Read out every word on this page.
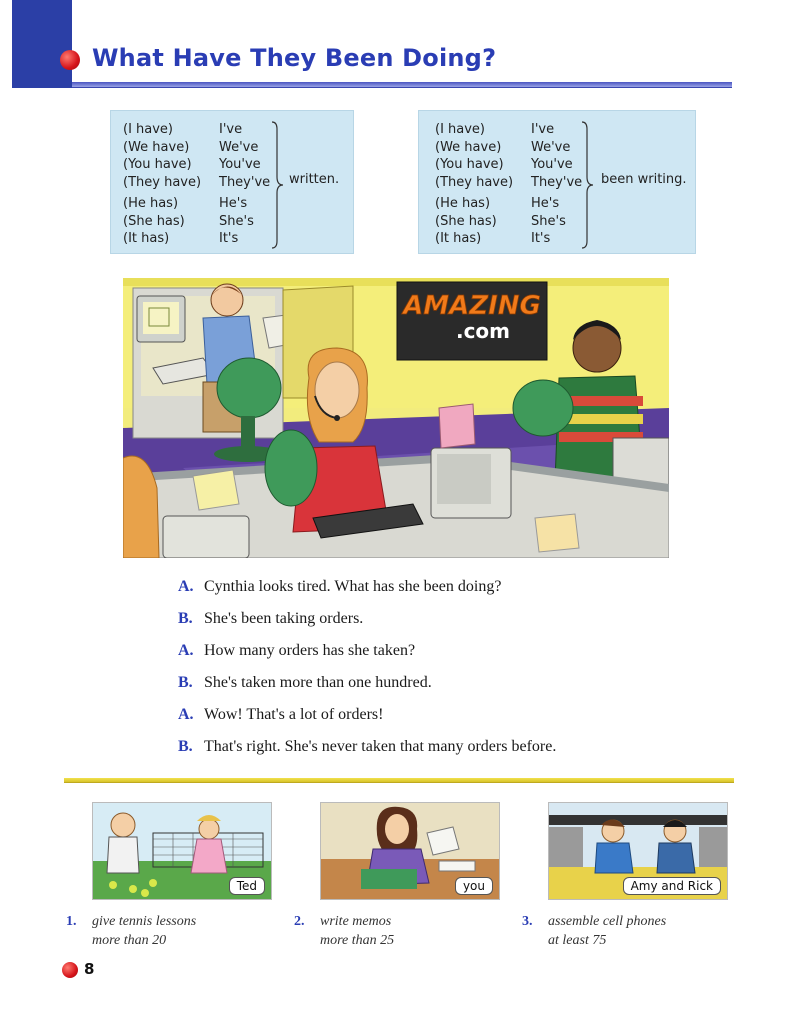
What Have They Been Doing?
(I have)
(We have)
(You have)
(They have)
(He has)
(She has)
(It has)
I've
We've
You've
They've
He's
She's
It's
written.
(I have)
(We have)
(You have)
(They have)
(He has)
(She has)
(It has)
I've
We've
You've
They've
He's
She's
It's
been writing.
AMAZING
.com
A. Cynthia looks tired. What has she been doing?
B. She's been taking orders.
A. How many orders has she taken?
B. She's taken more than one hundred.
A. Wow! That's a lot of orders!
B. That's right. She's never taken that many orders before.
Ted	you	Amy and Rick
1. give tennis lessons
more than 20
2. write memos
more than 25
3. assemble cell phones
at least 75
8
